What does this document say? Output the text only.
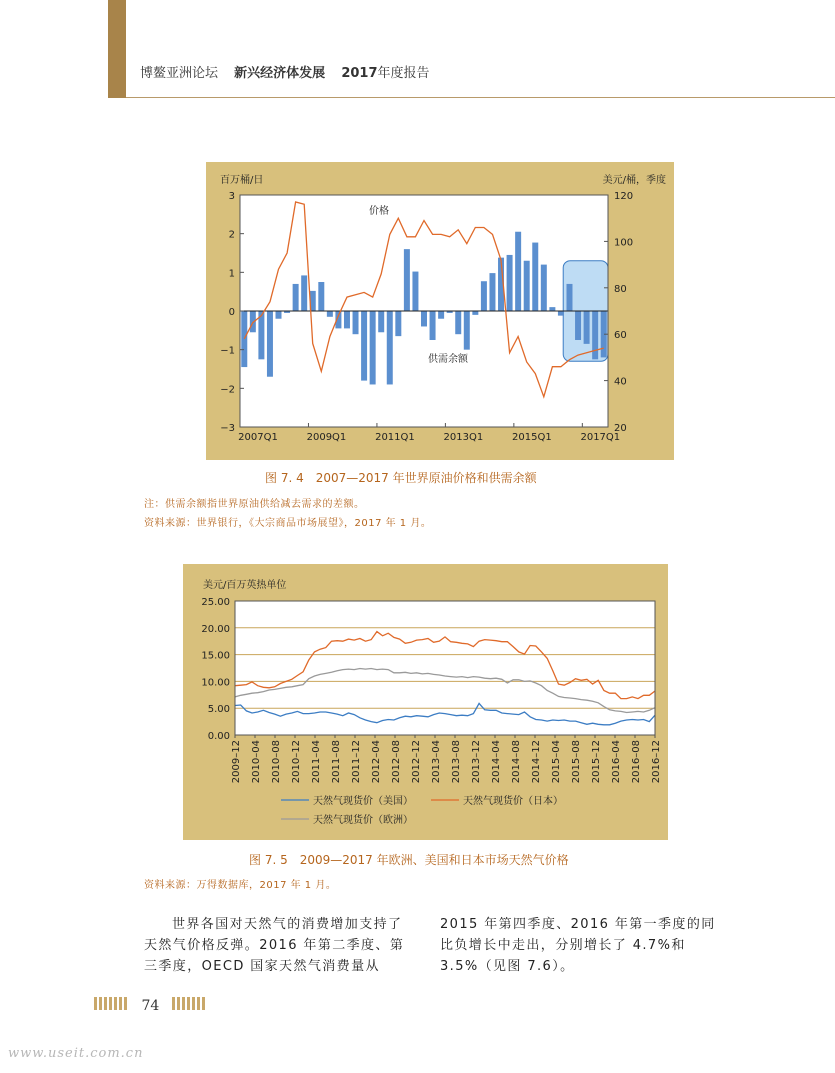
博鳌亚洲论坛 新兴经济体发展 2017年度报告
3
2
1
0
−1
−2
−3
120
100
80
60
40
20
2007Q1	2009Q1	2011Q1	2013Q1	2015Q1	2017Q1
百万桶/日	美元/桶，季度
价格
供需余额
图 7. 4　2007—2017 年世界原油价格和供需余额
注：供需余额指世界原油供给减去需求的差额。
资料来源：世界银行，《大宗商品市场展望》，2017 年 1 月。
25.00
20.00
15.00
10.00
5.00
0.00
2009–12 2010–04 2010–08 2010–12 2011–04 2011–08 2011–12 2012–04 2012–08 2012–12 2013–04 2013–08 2013–12 2014–04 2014–08 2014–12 2015–04 2015–08 2015–12 2016–04 2016–08 2016–12
美元/百万英热单位
天然气现货价（美国）	天然气现货价（日本）
天然气现货价（欧洲）
图 7. 5　2009—2017 年欧洲、美国和日本市场天然气价格
资料来源：万得数据库，2017 年 1 月。
世界各国对天然气的消费增加支持了
天然气价格反弹。2016 年第二季度、第
三季度，OECD 国家天然气消费量从
2015 年第四季度、2016 年第一季度的同
比负增长中走出，分别增长了 4.7%和
3.5%（见图 7.6）。
74
www.useit.com.cn
